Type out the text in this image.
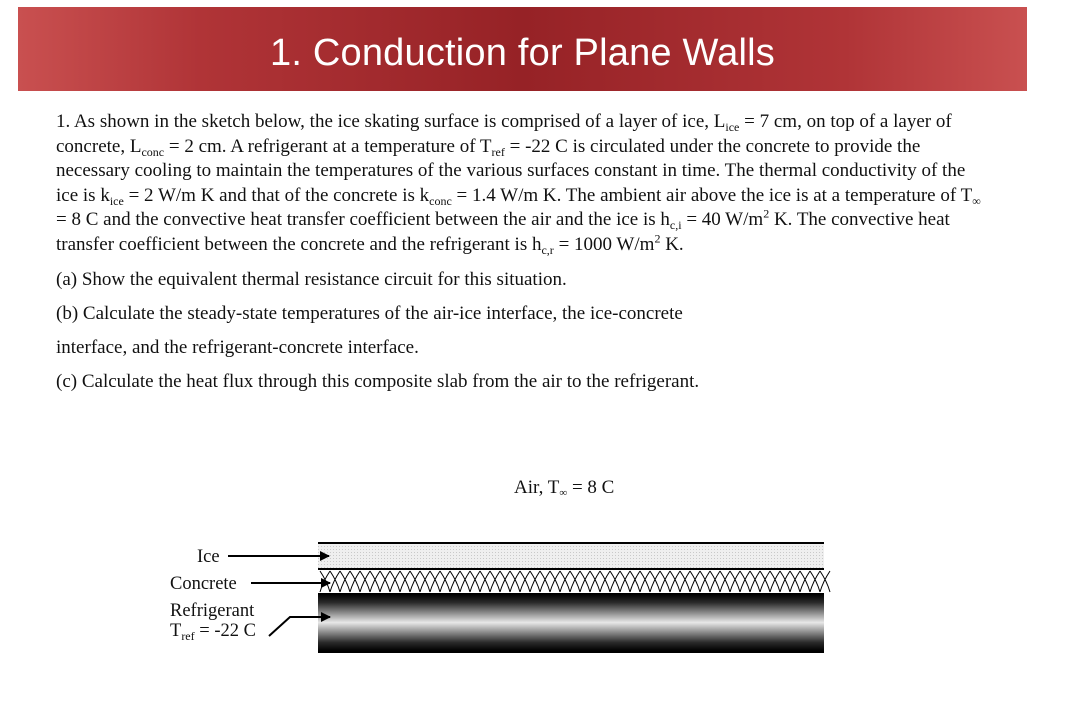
1. Conduction for Plane Walls

1. As shown in the sketch below, the ice skating surface is comprised of a layer of ice, $L_{ice} = 7$ cm, on top of a layer of concrete, $L_{conc} = 2$ cm. A refrigerant at a temperature of $T_{ref} = -22$ C is circulated under the concrete to provide the necessary cooling to maintain the temperatures of the various surfaces constant in time. The thermal conductivity of the ice is $k_{ice} = 2$ W/m K and that of the concrete is $k_{conc} = 1.4$ W/m K. The ambient air above the ice is at a temperature of $T_\infty = 8$ C and the convective heat transfer coefficient between the air and the ice is $h_{c,i} = 40$ $W/m^2$ K. The convective heat transfer coefficient between the concrete and the refrigerant is $h_{c,r} = 1000$ $W/m^2$ K.

(a) Show the equivalent thermal resistance circuit for this situation.

(b) Calculate the steady-state temperatures of the air-ice interface, the ice-concrete

interface, and the refrigerant-concrete interface.

(c) Calculate the heat flux through this composite slab from the air to the refrigerant.

Air, $T_\infty = 8$ C
Ice
Concrete
Refrigerant
$T_{ref} = -22$ C
